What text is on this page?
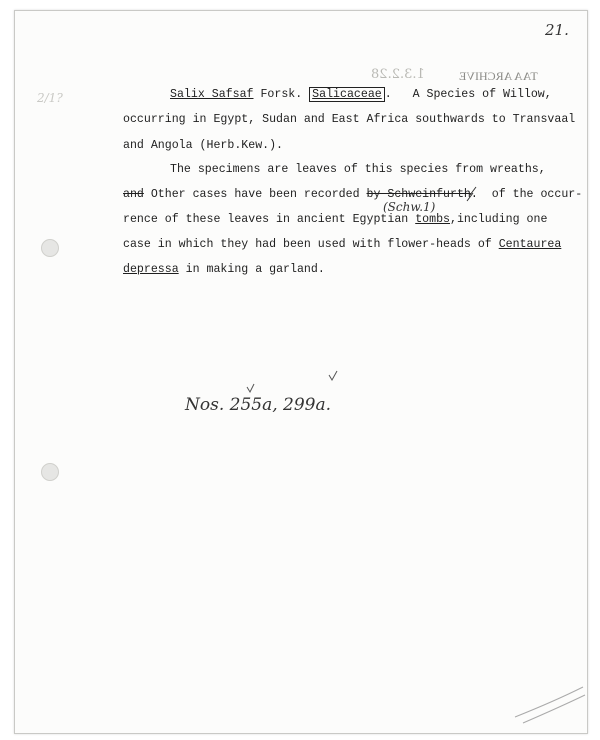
21.
1.3.2.28	TAA ARCHIVE
2/1?	Salix Safsaf Forsk. Salicaceae .   A Species of Willow,
occurring in Egypt, Sudan and East Africa southwards to Transvaal
and Angola (Herb.Kew.).
The specimens are leaves of this species from wreaths,
and Other cases have been recorded by Schweinfurth.  of the occur-
(Schw.1)
rence of these leaves in ancient Egyptian tombs,including one
case in which they had been used with flower-heads of Centaurea
depressa in making a garland.
Nos. 255a, 299a.
